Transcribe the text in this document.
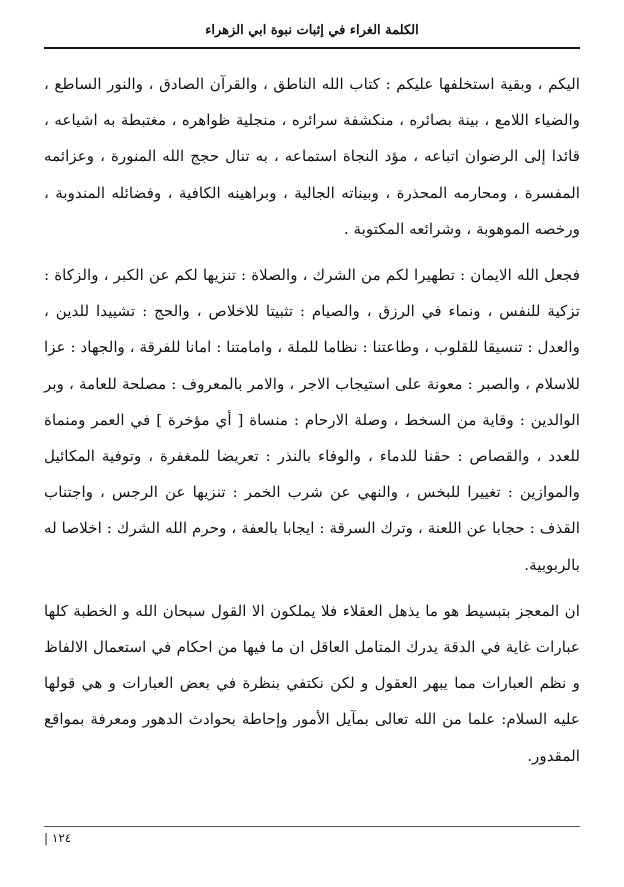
الكلمة الغراء في إثبات نبوة ابي الزهراء

اليكم ، وبقية استخلفها عليكم : كتاب الله الناطق ، والقرآن الصادق ، والنور الساطع ، والضياء اللامع ، بينة بصائره ، منكشفة سرائره ، منجلية ظواهره ، مغتبطة به اشياعه ، قائدا إلى الرضوان اتباعه ، مؤد النجاة استماعه ، به تنال حجج الله المنورة ، وعزائمه المفسرة ، ومحارمه المحذرة ، وبيناته الجالية ، وبراهينه الكافية ، وفضائله المندوبة ، ورخصه الموهوبة ، وشرائعه المكتوبة .

فجعل الله الايمان : تطهيرا لكم من الشرك ، والصلاة : تنزيها لكم عن الكبر ، والزكاة : تزكية للنفس ، ونماء في الرزق ، والصيام : تثبيتا للاخلاص ، والحج : تشييدا للدين ، والعدل : تنسيقا للقلوب ، وطاعتنا : نظاما للملة ، وامامتنا : امانا للفرقة ، والجهاد : عزا للاسلام ، والصبر : معونة على استيجاب الاجر ، والامر بالمعروف : مصلحة للعامة ، وبر الوالدين : وقاية من السخط ، وصلة الارحام : منساة [ أي مؤخرة ] في العمر ومنماة للعدد ، والقصاص : حقنا للدماء ، والوفاء بالنذر : تعريضا للمغفرة ، وتوفية المكائيل والموازين : تغييرا للبخس ، والنهي عن شرب الخمر : تنزيها عن الرجس ، واجتناب القذف : حجابا عن اللعنة ، وترك السرقة : ايجابا بالعفة ، وحرم الله الشرك : اخلاصا له بالربوبية.

ان المعجز بتبسيط هو ما يذهل العقلاء فلا يملكون الا القول سبحان الله و الخطبة كلها عبارات غاية في الدقة يدرك المتامل العاقل ان ما فيها من احكام في استعمال الالفاظ و نظم العبارات مما يبهر العقول و لكن نكتفي بنظرة في بعض العبارات و هي قولها عليه السلام: علما من الله تعالى بمآيل الأمور وإحاطة بحوادث الدهور ومعرفة بمواقع المقدور.

١٢٤ |
